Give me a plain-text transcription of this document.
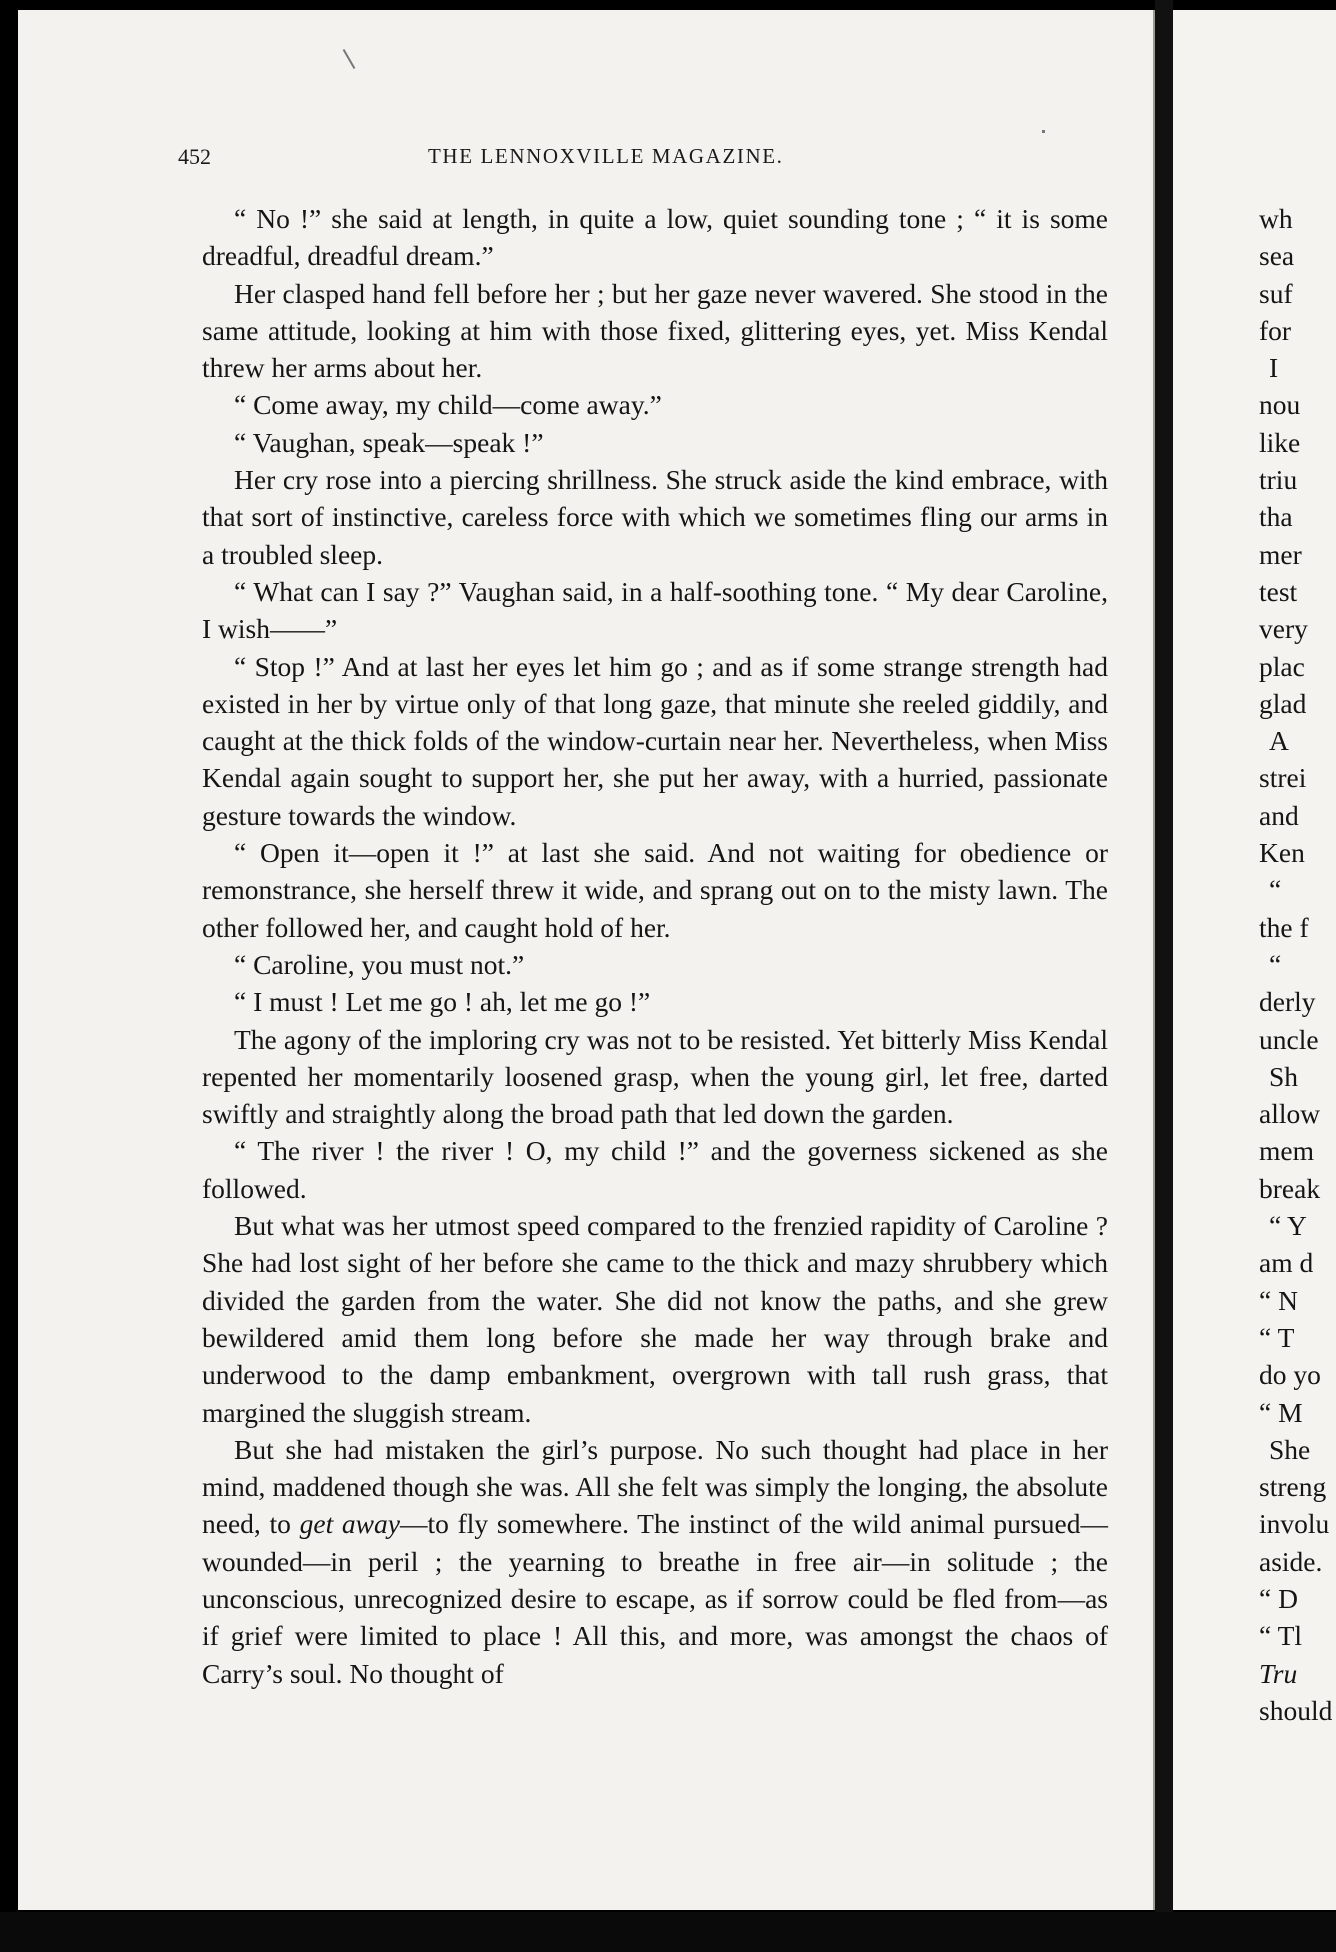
452	THE LENNOXVILLE MAGAZINE.

“ No !” she said at length, in quite a low, quiet sounding tone ; “ it is some dreadful, dreadful dream.”

Her clasped hand fell before her ; but her gaze never wavered. She stood in the same attitude, looking at him with those fixed, glittering eyes, yet. Miss Kendal threw her arms about her.

“ Come away, my child—come away.”

“ Vaughan, speak—speak !”

Her cry rose into a piercing shrillness. She struck aside the kind embrace, with that sort of instinctive, careless force with which we sometimes fling our arms in a troubled sleep.

“ What can I say ?” Vaughan said, in a half-soothing tone. “ My dear Caroline, I wish——”

“ Stop !” And at last her eyes let him go ; and as if some strange strength had existed in her by virtue only of that long gaze, that minute she reeled giddily, and caught at the thick folds of the window-curtain near her. Nevertheless, when Miss Kendal again sought to support her, she put her away, with a hurried, passionate gesture towards the window.

“ Open it—open it !” at last she said. And not waiting for obedience or remonstrance, she herself threw it wide, and sprang out on to the misty lawn. The other followed her, and caught hold of her.

“ Caroline, you must not.”

“ I must ! Let me go ! ah, let me go !”

The agony of the imploring cry was not to be resisted. Yet bitterly Miss Kendal repented her momentarily loosened grasp, when the young girl, let free, darted swiftly and straightly along the broad path that led down the garden.

“ The river ! the river ! O, my child !” and the governess sickened as she followed.

But what was her utmost speed compared to the frenzied rapidity of Caroline ? She had lost sight of her before she came to the thick and mazy shrubbery which divided the garden from the water. She did not know the paths, and she grew bewildered amid them long before she made her way through brake and underwood to the damp embankment, overgrown with tall rush grass, that margined the sluggish stream.

But she had mistaken the girl’s purpose. No such thought had place in her mind, maddened though she was. All she felt was simply the longing, the absolute need, to get away—to fly somewhere. The instinct of the wild animal pursued—wounded—in peril ; the yearning to breathe in free air—in solitude ; the unconscious, unrecognized desire to escape, as if sorrow could be fled from—as if grief were limited to place ! All this, and more, was amongst the chaos of Carry’s soul. No thought of

wh
sea
suf
for
I
nou
like
triu
tha
mer
test
very
plac
glad
A
strei
and
Ken
“
the f
“
derly
uncle
Sh
allow
mem
break
“ Y
am d
“ N
“ T
do yo
“ M
She
streng
involu
aside.
“ D
“ Tl
Tru
should
